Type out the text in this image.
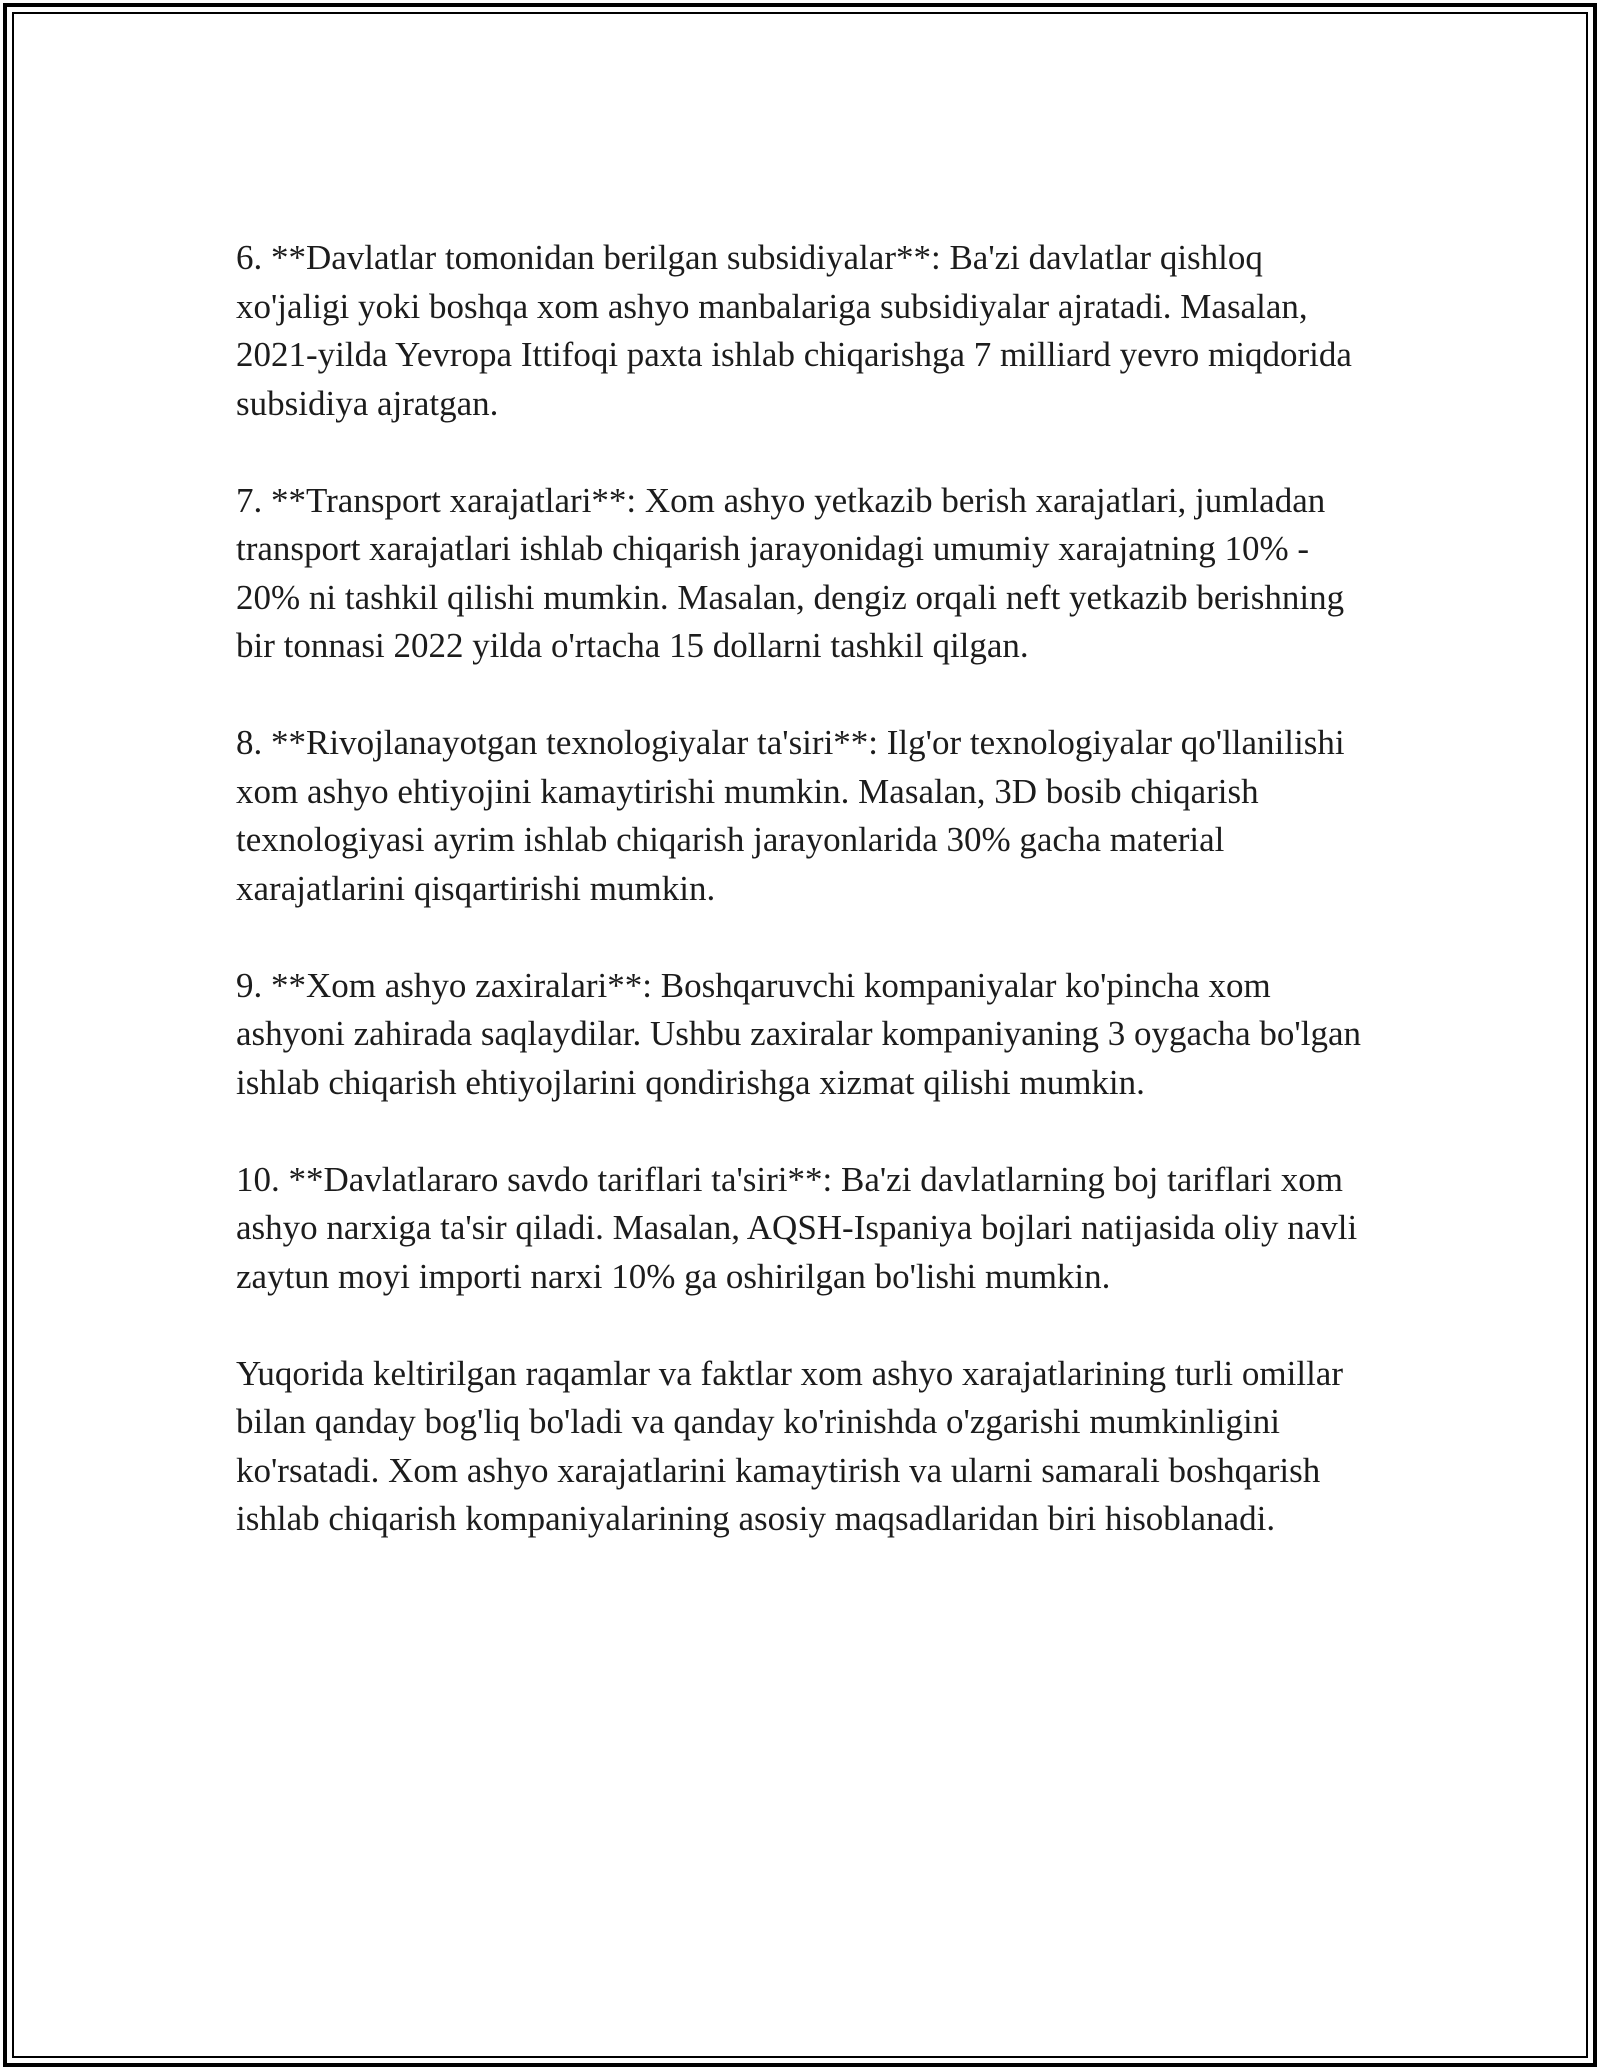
6. **Davlatlar tomonidan berilgan subsidiyalar**: Ba'zi davlatlar qishloq xo'jaligi yoki boshqa xom ashyo manbalariga subsidiyalar ajratadi. Masalan, 2021-yilda Yevropa Ittifoqi paxta ishlab chiqarishga 7 milliard yevro miqdorida subsidiya ajratgan.

7. **Transport xarajatlari**: Xom ashyo yetkazib berish xarajatlari, jumladan transport xarajatlari ishlab chiqarish jarayonidagi umumiy xarajatning 10% - 20% ni tashkil qilishi mumkin. Masalan, dengiz orqali neft yetkazib berishning bir tonnasi 2022 yilda o'rtacha 15 dollarni tashkil qilgan.

8. **Rivojlanayotgan texnologiyalar ta'siri**: Ilg'or texnologiyalar qo'llanilishi xom ashyo ehtiyojini kamaytirishi mumkin. Masalan, 3D bosib chiqarish texnologiyasi ayrim ishlab chiqarish jarayonlarida 30% gacha material xarajatlarini qisqartirishi mumkin.

9. **Xom ashyo zaxiralari**: Boshqaruvchi kompaniyalar ko'pincha xom ashyoni zahirada saqlaydilar. Ushbu zaxiralar kompaniyaning 3 oygacha bo'lgan ishlab chiqarish ehtiyojlarini qondirishga xizmat qilishi mumkin.

10. **Davlatlararo savdo tariflari ta'siri**: Ba'zi davlatlarning boj tariflari xom ashyo narxiga ta'sir qiladi. Masalan, AQSH-Ispaniya bojlari natijasida oliy navli zaytun moyi importi narxi 10% ga oshirilgan bo'lishi mumkin.

Yuqorida keltirilgan raqamlar va faktlar xom ashyo xarajatlarining turli omillar bilan qanday bog'liq bo'ladi va qanday ko'rinishda o'zgarishi mumkinligini ko'rsatadi. Xom ashyo xarajatlarini kamaytirish va ularni samarali boshqarish ishlab chiqarish kompaniyalarining asosiy maqsadlaridan biri hisoblanadi.
